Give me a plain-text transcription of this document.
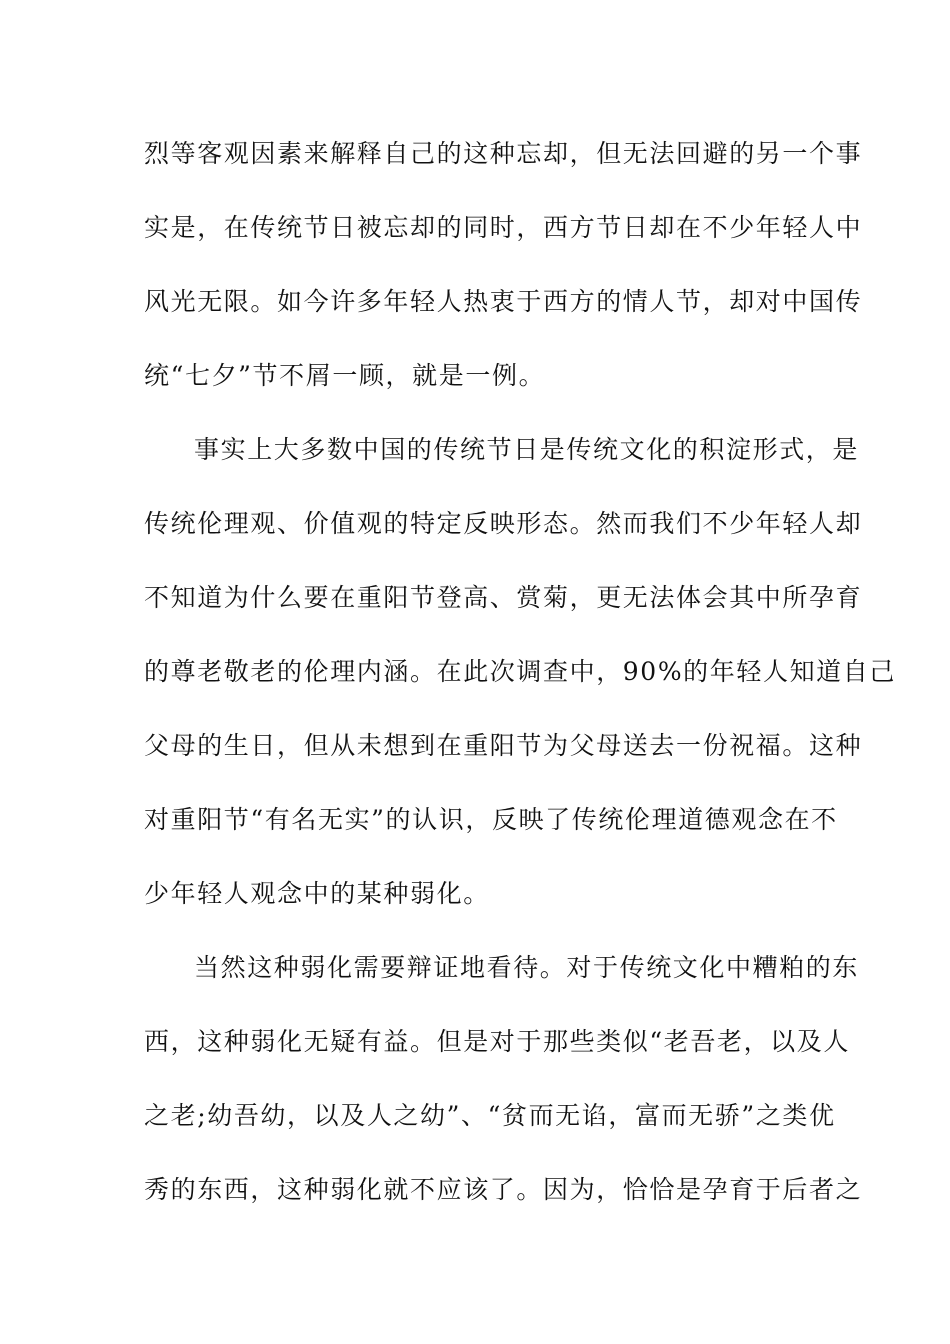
烈等客观因素来解释自己的这种忘却，但无法回避的另一个事
实是，在传统节日被忘却的同时，西方节日却在不少年轻人中
风光无限。如今许多年轻人热衷于西方的情人节，却对中国传
统“七夕”节不屑一顾，就是一例。
事实上大多数中国的传统节日是传统文化的积淀形式，是
传统伦理观、价值观的特定反映形态。然而我们不少年轻人却
不知道为什么要在重阳节登高、赏菊，更无法体会其中所孕育
的尊老敬老的伦理内涵。在此次调查中，90%的年轻人知道自己
父母的生日，但从未想到在重阳节为父母送去一份祝福。这种
对重阳节“有名无实”的认识，反映了传统伦理道德观念在不
少年轻人观念中的某种弱化。
当然这种弱化需要辩证地看待。对于传统文化中糟粕的东
西，这种弱化无疑有益。但是对于那些类似“老吾老，以及人
之老;幼吾幼，以及人之幼”、“贫而无谄，富而无骄”之类优
秀的东西，这种弱化就不应该了。因为，恰恰是孕育于后者之
